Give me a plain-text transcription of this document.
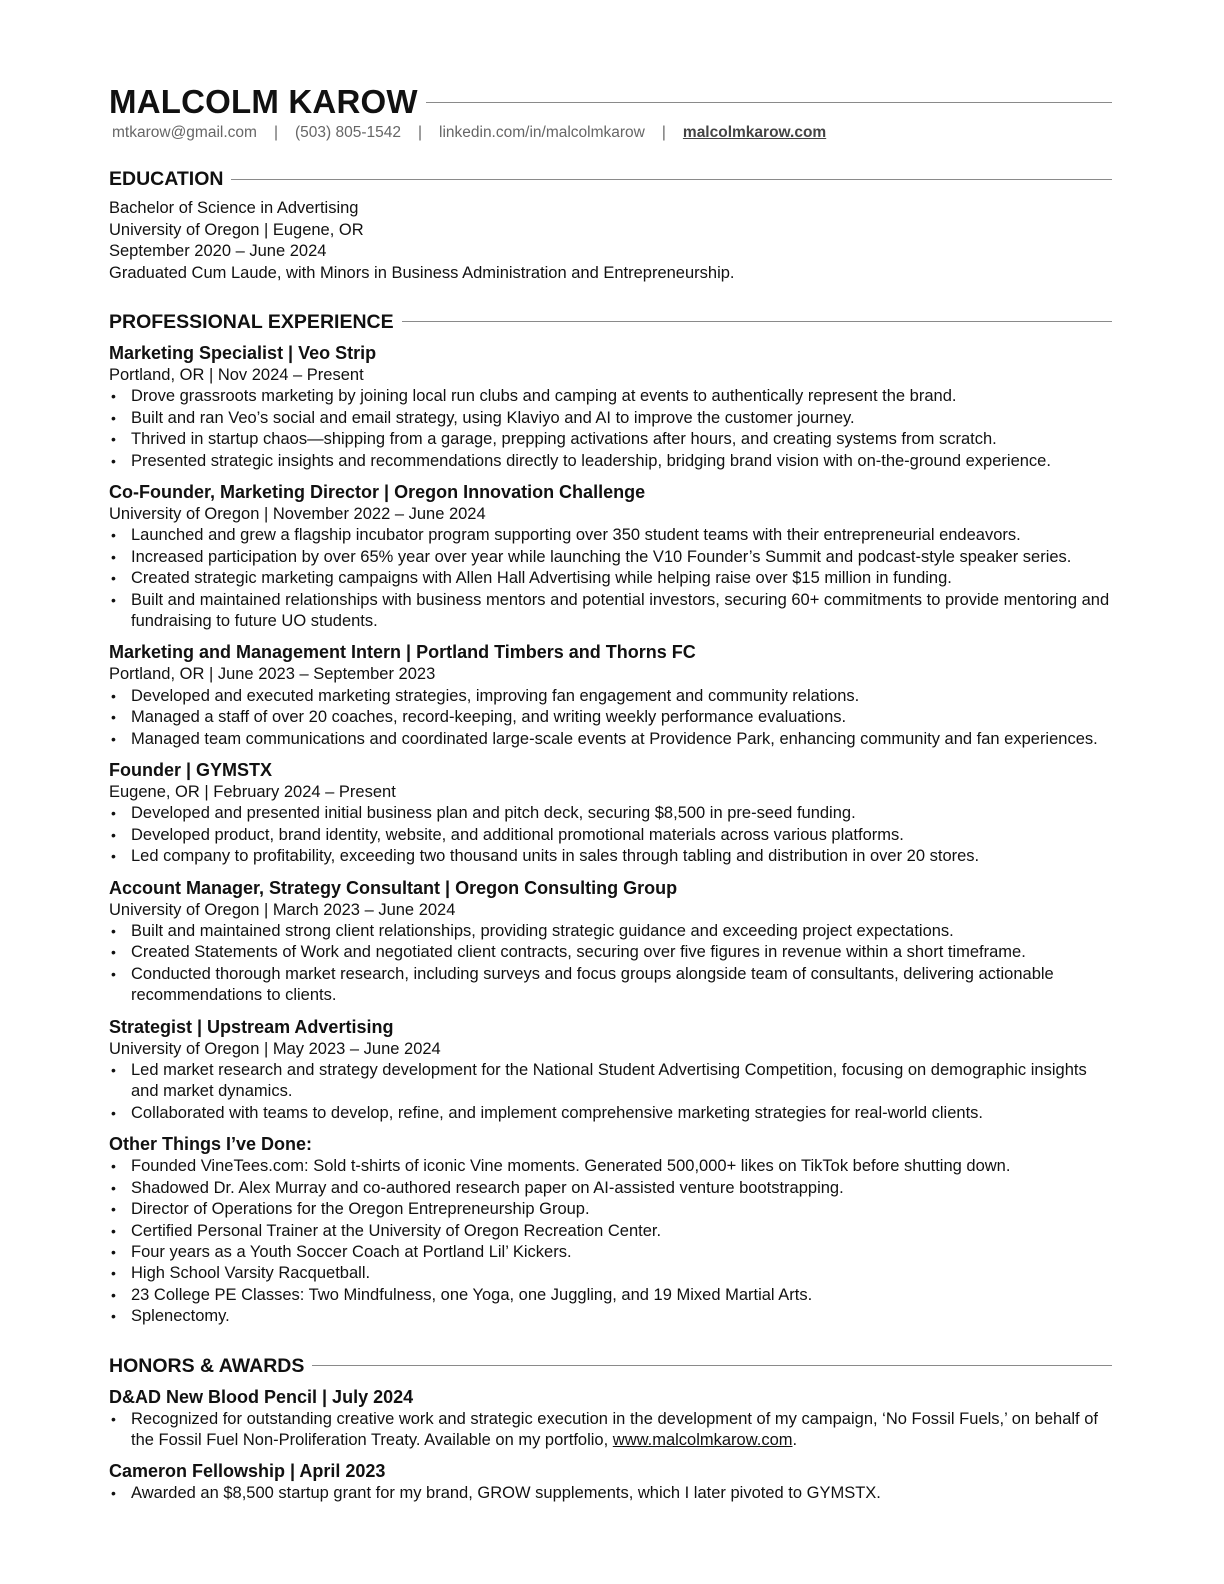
MALCOLM KAROW
mtkarow@gmail.com | (503) 805-1542 | linkedin.com/in/malcolmkarow | malcolmkarow.com
EDUCATION
Bachelor of Science in Advertising
University of Oregon | Eugene, OR
September 2020 – June 2024
Graduated Cum Laude, with Minors in Business Administration and Entrepreneurship.
PROFESSIONAL EXPERIENCE
Marketing Specialist | Veo Strip
Portland, OR | Nov 2024 – Present
• Drove grassroots marketing by joining local run clubs and camping at events to authentically represent the brand.
• Built and ran Veo’s social and email strategy, using Klaviyo and AI to improve the customer journey.
• Thrived in startup chaos—shipping from a garage, prepping activations after hours, and creating systems from scratch.
• Presented strategic insights and recommendations directly to leadership, bridging brand vision with on-the-ground experience.
Co-Founder, Marketing Director | Oregon Innovation Challenge
University of Oregon | November 2022 – June 2024
• Launched and grew a flagship incubator program supporting over 350 student teams with their entrepreneurial endeavors.
• Increased participation by over 65% year over year while launching the V10 Founder’s Summit and podcast-style speaker series.
• Created strategic marketing campaigns with Allen Hall Advertising while helping raise over $15 million in funding.
• Built and maintained relationships with business mentors and potential investors, securing 60+ commitments to provide mentoring and fundraising to future UO students.
Marketing and Management Intern | Portland Timbers and Thorns FC
Portland, OR | June 2023 – September 2023
• Developed and executed marketing strategies, improving fan engagement and community relations.
• Managed a staff of over 20 coaches, record-keeping, and writing weekly performance evaluations.
• Managed team communications and coordinated large-scale events at Providence Park, enhancing community and fan experiences.
Founder | GYMSTX
Eugene, OR | February 2024 – Present
• Developed and presented initial business plan and pitch deck, securing $8,500 in pre-seed funding.
• Developed product, brand identity, website, and additional promotional materials across various platforms.
• Led company to profitability, exceeding two thousand units in sales through tabling and distribution in over 20 stores.
Account Manager, Strategy Consultant | Oregon Consulting Group
University of Oregon | March 2023 – June 2024
• Built and maintained strong client relationships, providing strategic guidance and exceeding project expectations.
• Created Statements of Work and negotiated client contracts, securing over five figures in revenue within a short timeframe.
• Conducted thorough market research, including surveys and focus groups alongside team of consultants, delivering actionable recommendations to clients.
Strategist | Upstream Advertising
University of Oregon | May 2023 – June 2024
• Led market research and strategy development for the National Student Advertising Competition, focusing on demographic insights and market dynamics.
• Collaborated with teams to develop, refine, and implement comprehensive marketing strategies for real-world clients.
Other Things I’ve Done:
• Founded VineTees.com: Sold t-shirts of iconic Vine moments. Generated 500,000+ likes on TikTok before shutting down.
• Shadowed Dr. Alex Murray and co-authored research paper on AI-assisted venture bootstrapping.
• Director of Operations for the Oregon Entrepreneurship Group.
• Certified Personal Trainer at the University of Oregon Recreation Center.
• Four years as a Youth Soccer Coach at Portland Lil’ Kickers.
• High School Varsity Racquetball.
• 23 College PE Classes: Two Mindfulness, one Yoga, one Juggling, and 19 Mixed Martial Arts.
• Splenectomy.
HONORS & AWARDS
D&AD New Blood Pencil | July 2024
• Recognized for outstanding creative work and strategic execution in the development of my campaign, ‘No Fossil Fuels,’ on behalf of the Fossil Fuel Non-Proliferation Treaty. Available on my portfolio, www.malcolmkarow.com.
Cameron Fellowship | April 2023
• Awarded an $8,500 startup grant for my brand, GROW supplements, which I later pivoted to GYMSTX.
